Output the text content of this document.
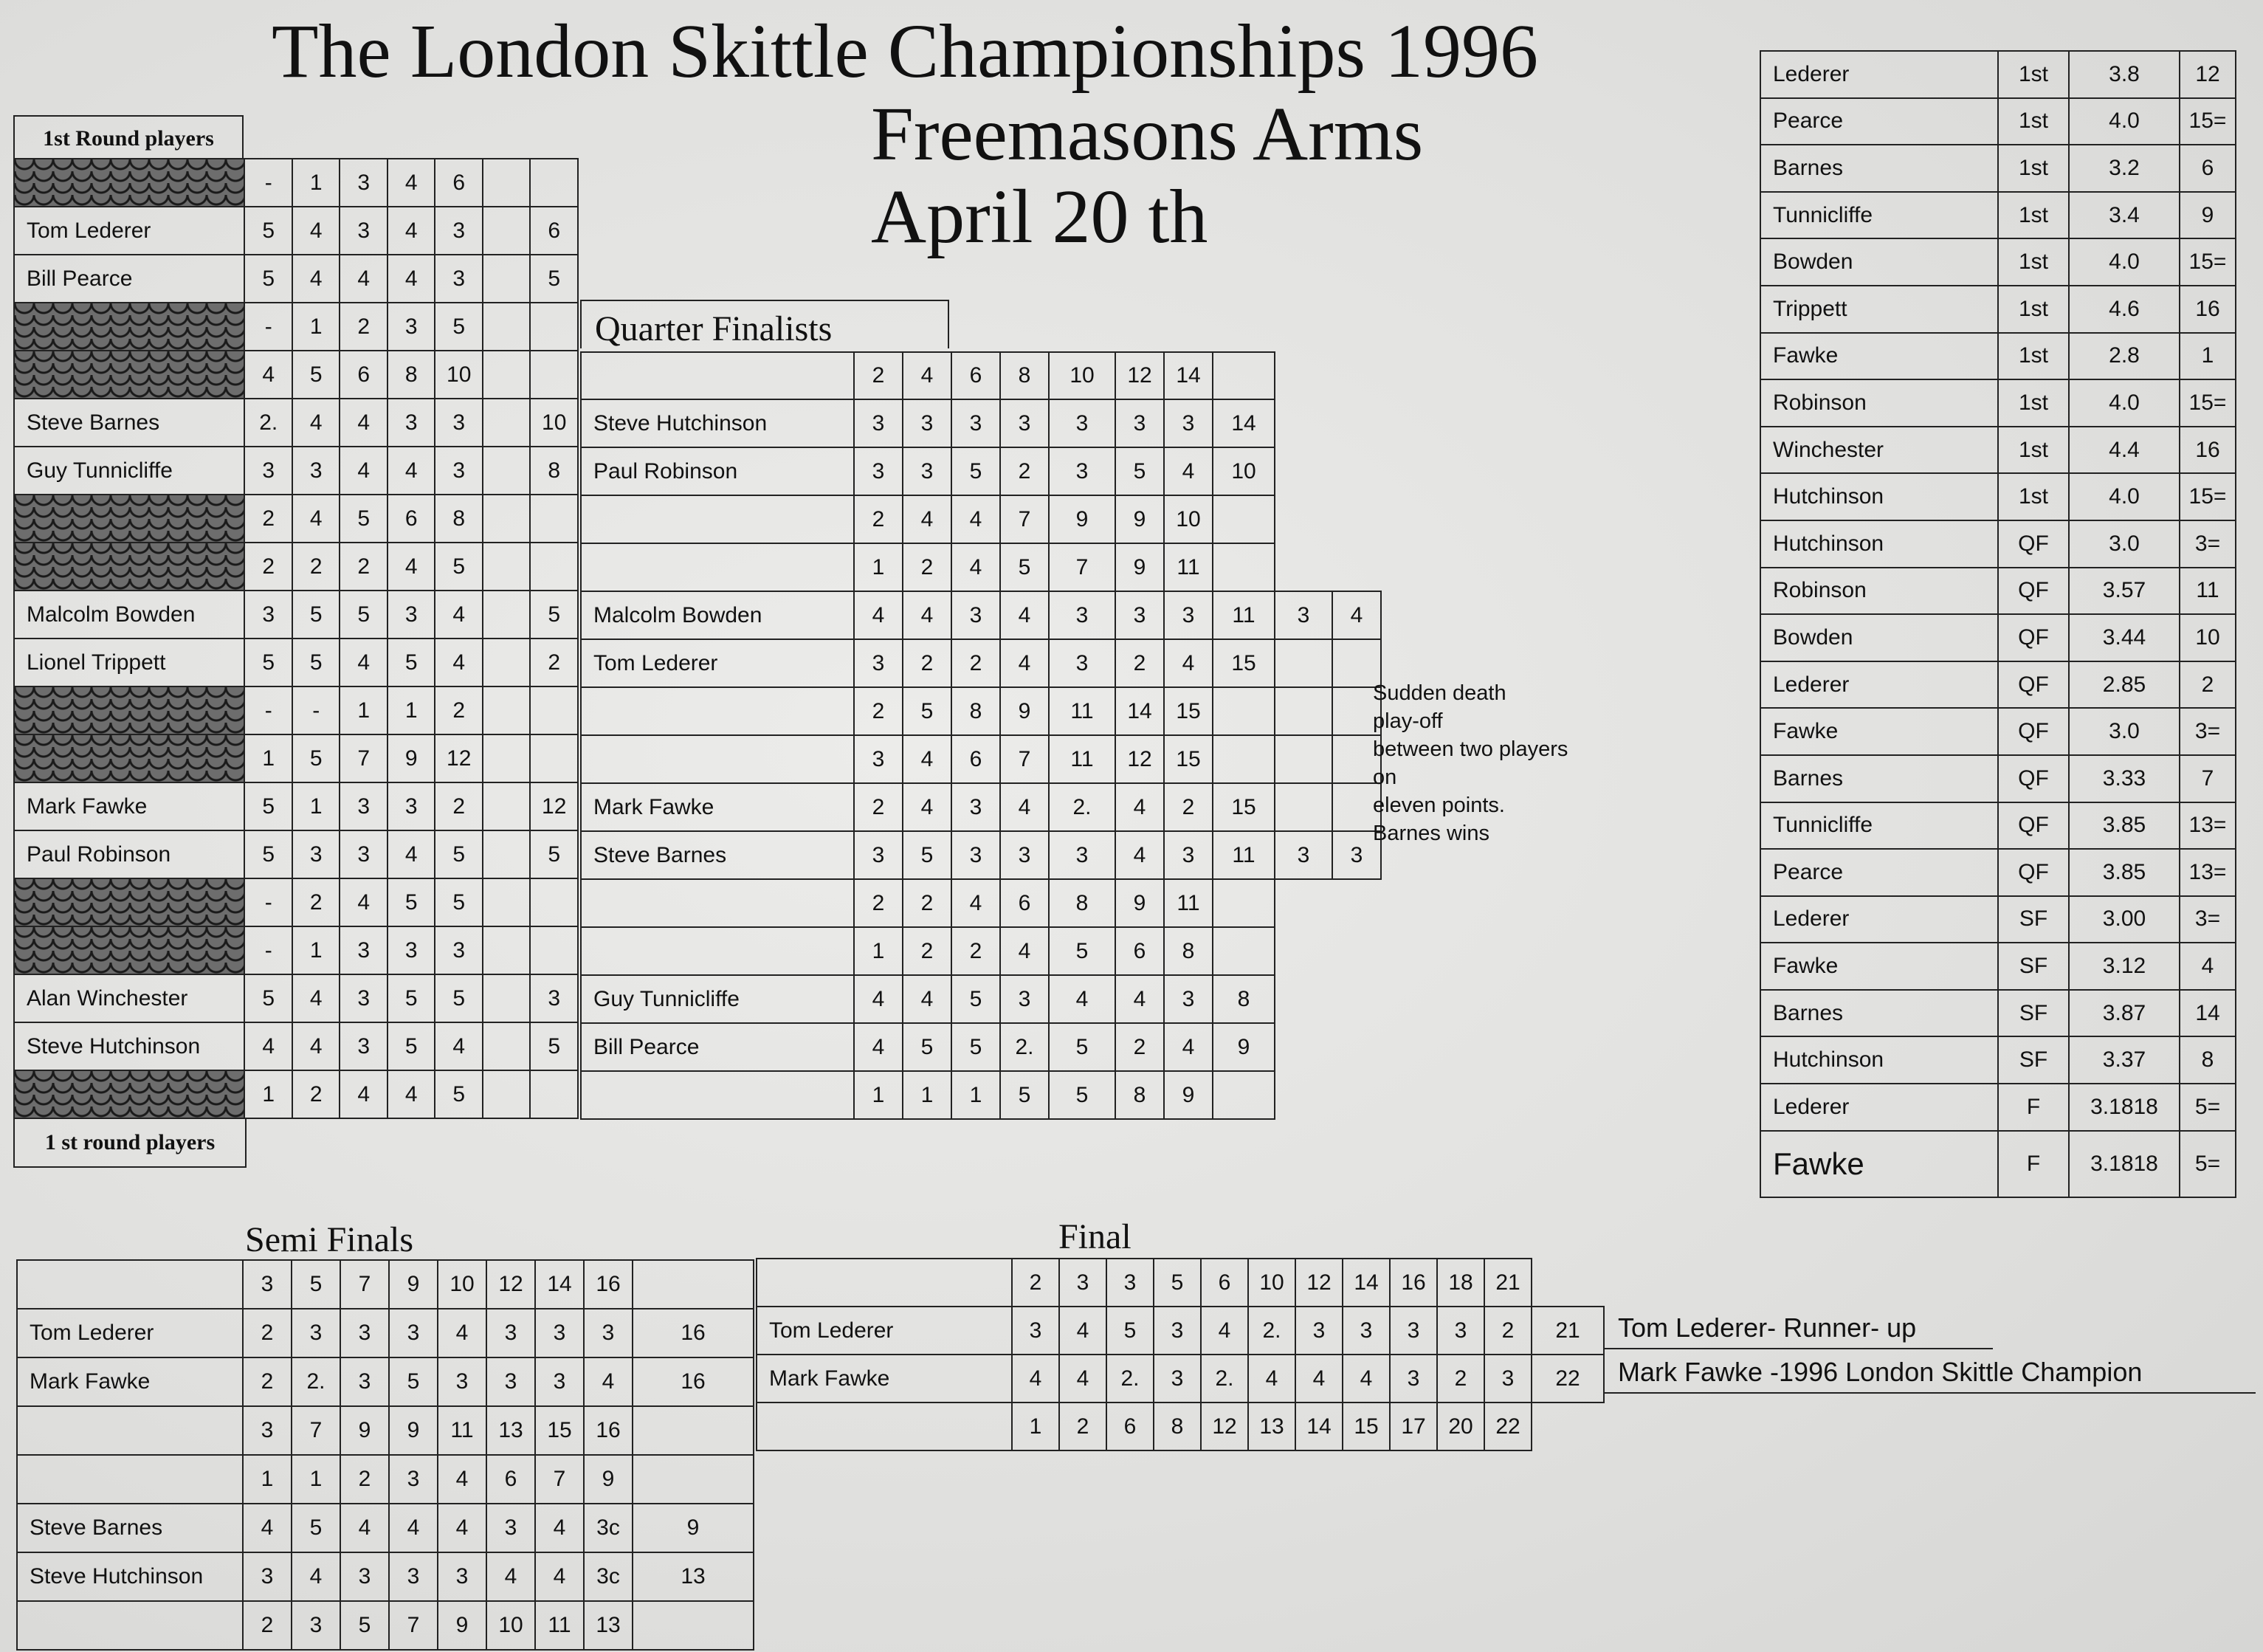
The London Skittle Championships 1996
Freemasons Arms
April 20 th
1st Round players
	-	1	3	4	6		
Tom Lederer	5	4	3	4	3		6
Bill Pearce	5	4	4	4	3		5
	-	1	2	3	5		
	4	5	6	8	10		
Steve Barnes	2.	4	4	3	3		10
Guy Tunnicliffe	3	3	4	4	3		8
	2	4	5	6	8		
	2	2	2	4	5		
Malcolm Bowden	3	5	5	3	4		5
Lionel Trippett	5	5	4	5	4		2
	-	-	1	1	2		
	1	5	7	9	12		
Mark Fawke	5	1	3	3	2		12
Paul Robinson	5	3	3	4	5		5
	-	2	4	5	5		
	-	1	3	3	3		
Alan Winchester	5	4	3	5	5		3
Steve Hutchinson	4	4	3	5	4		5
	1	2	4	4	5		
1 st round players
Quarter Finalists
	2	4	6	8	10	12	14			
Steve Hutchinson	3	3	3	3	3	3	3	14		
Paul Robinson	3	3	5	2	3	5	4	10		
	2	4	4	7	9	9	10			
	1	2	4	5	7	9	11			
Malcolm Bowden	4	4	3	4	3	3	3	11	3	4
Tom Lederer	3	2	2	4	3	2	4	15		
	2	5	8	9	11	14	15			
	3	4	6	7	11	12	15			
Mark Fawke	2	4	3	4	2.	4	2	15		
Steve Barnes	3	5	3	3	3	4	3	11	3	3
	2	2	4	6	8	9	11			
	1	2	2	4	5	6	8			
Guy Tunnicliffe	4	4	5	3	4	4	3	8		
Bill Pearce	4	5	5	2.	5	2	4	9		
	1	1	1	5	5	8	9			
Sudden death
play-off
between two players
on
eleven points.
Barnes wins
Semi Finals
	3	5	7	9	10	12	14	16	
Tom Lederer	2	3	3	3	4	3	3	3	16
Mark Fawke	2	2.	3	5	3	3	3	4	16
	3	7	9	9	11	13	15	16	
	1	1	2	3	4	6	7	9	
Steve Barnes	4	5	4	4	4	3	4	3c	9
Steve Hutchinson	3	4	3	3	3	4	4	3c	13
	2	3	5	7	9	10	11	13	
Final
	2	3	3	5	6	10	12	14	16	18	21	
Tom Lederer	3	4	5	3	4	2.	3	3	3	3	2	21
Mark Fawke	4	4	2.	3	2.	4	4	4	3	2	3	22
	1	2	6	8	12	13	14	15	17	20	22	
Tom Lederer- Runner- up
Mark Fawke -1996 London Skittle Champion
Lederer	1st	3.8	12
Pearce	1st	4.0	15=
Barnes	1st	3.2	6
Tunnicliffe	1st	3.4	9
Bowden	1st	4.0	15=
Trippett	1st	4.6	16
Fawke	1st	2.8	1
Robinson	1st	4.0	15=
Winchester	1st	4.4	16
Hutchinson	1st	4.0	15=
Hutchinson	QF	3.0	3=
Robinson	QF	3.57	11
Bowden	QF	3.44	10
Lederer	QF	2.85	2
Fawke	QF	3.0	3=
Barnes	QF	3.33	7
Tunnicliffe	QF	3.85	13=
Pearce	QF	3.85	13=
Lederer	SF	3.00	3=
Fawke	SF	3.12	4
Barnes	SF	3.87	14
Hutchinson	SF	3.37	8
Lederer	F	3.1818	5=
Fawke	F	3.1818	5=
